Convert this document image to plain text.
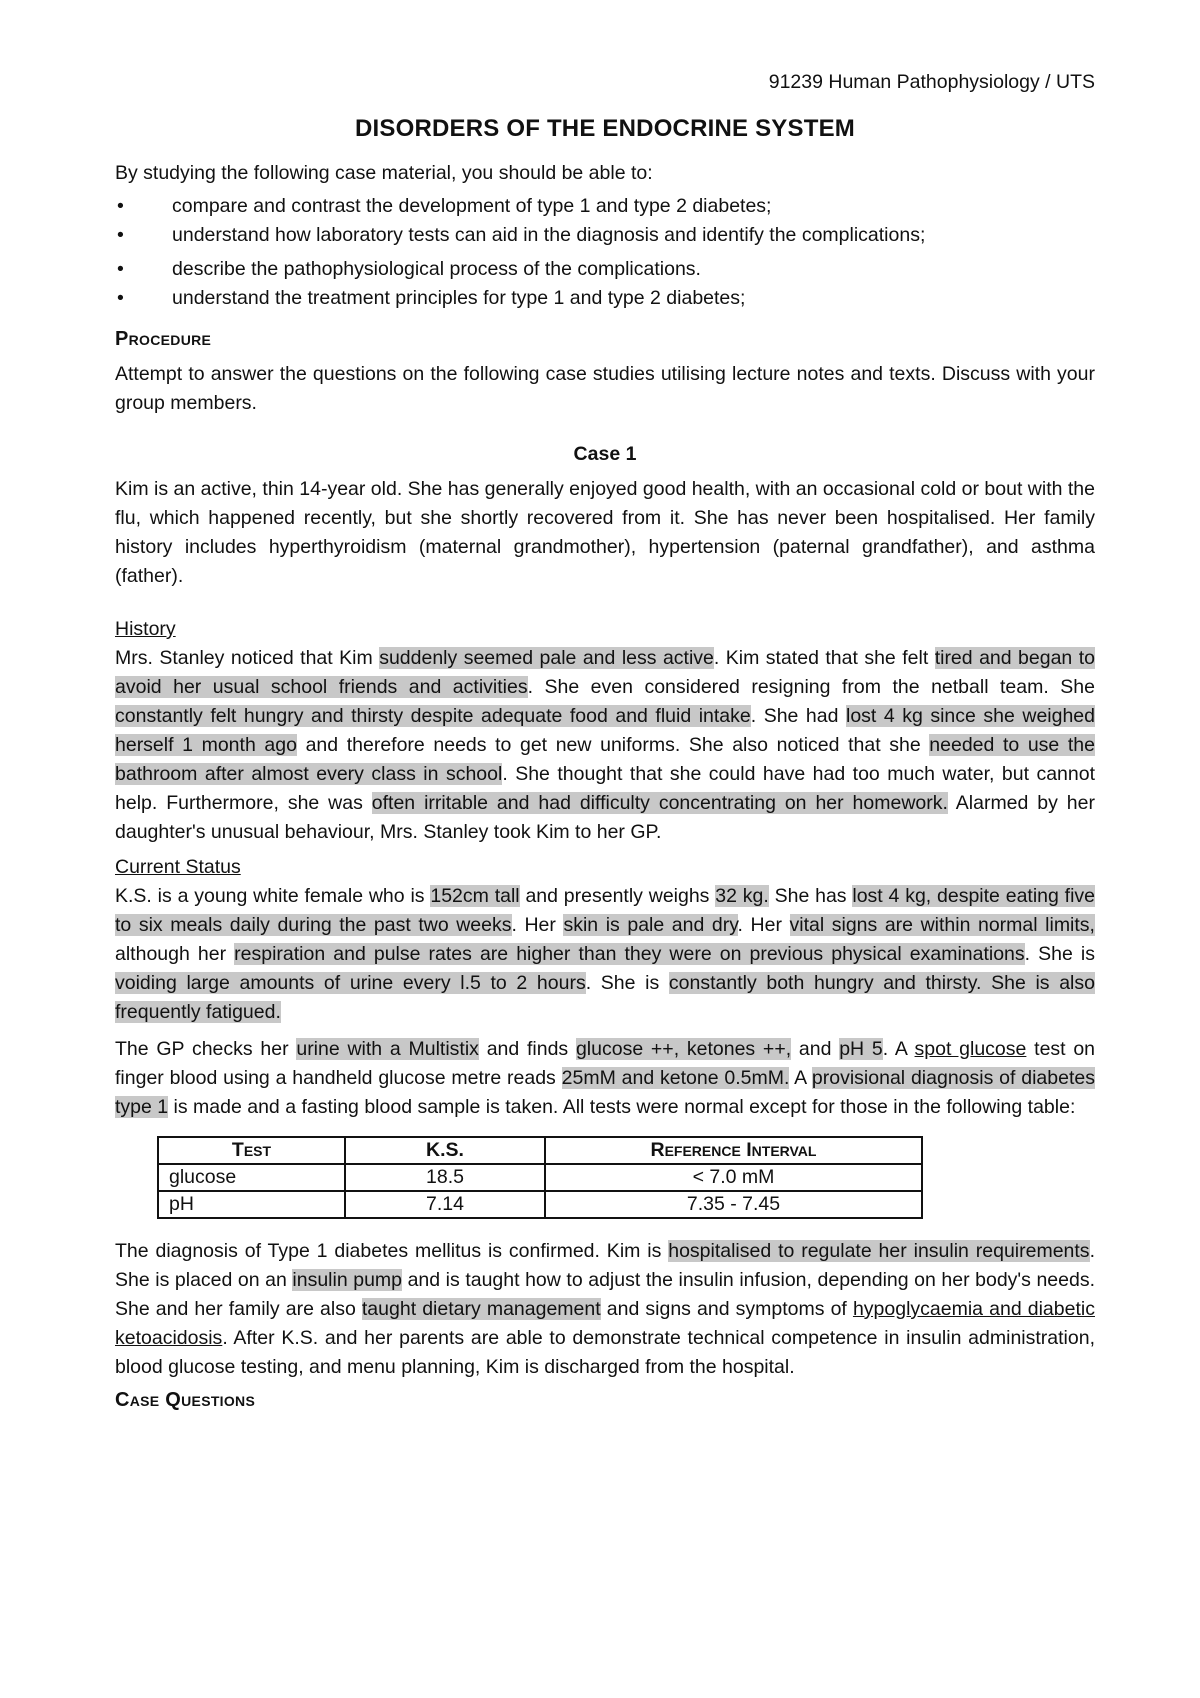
91239 Human Pathophysiology / UTS
DISORDERS OF THE ENDOCRINE SYSTEM

By studying the following case material, you should be able to:

• compare and contrast the development of type 1 and type 2 diabetes;
• understand how laboratory tests can aid in the diagnosis and identify the complications;
• describe the pathophysiological process of the complications.
• understand the treatment principles for type 1 and type 2 diabetes;
Procedure

Attempt to answer the questions on the following case studies utilising lecture notes and texts. Discuss with your group members.

Case 1

Kim is an active, thin 14-year old. She has generally enjoyed good health, with an occasional cold or bout with the flu, which happened recently, but she shortly recovered from it. She has never been hospitalised. Her family history includes hyperthyroidism (maternal grandmother), hypertension (paternal grandfather), and asthma (father).

History

Mrs. Stanley noticed that Kim suddenly seemed pale and less active. Kim stated that she felt tired and began to avoid her usual school friends and activities. She even considered resigning from the netball team. She constantly felt hungry and thirsty despite adequate food and fluid intake. She had lost 4 kg since she weighed herself 1 month ago and therefore needs to get new uniforms. She also noticed that she needed to use the bathroom after almost every class in school. She thought that she could have had too much water, but cannot help. Furthermore, she was often irritable and had difficulty concentrating on her homework. Alarmed by her daughter's unusual behaviour, Mrs. Stanley took Kim to her GP.

Current Status

K.S. is a young white female who is 152cm tall and presently weighs 32 kg. She has lost 4 kg, despite eating five to six meals daily during the past two weeks. Her skin is pale and dry. Her vital signs are within normal limits, although her respiration and pulse rates are higher than they were on previous physical examinations. She is voiding large amounts of urine every l.5 to 2 hours. She is constantly both hungry and thirsty. She is also frequently fatigued.

The GP checks her urine with a Multistix and finds glucose ++, ketones ++, and pH 5. A spot glucose test on finger blood using a handheld glucose metre reads 25mM and ketone 0.5mM. A provisional diagnosis of diabetes type 1 is made and a fasting blood sample is taken. All tests were normal except for those in the following table:

Test	K.S.	Reference Interval
glucose	18.5	< 7.0 mM
pH	7.14	7.35 - 7.45

The diagnosis of Type 1 diabetes mellitus is confirmed. Kim is hospitalised to regulate her insulin requirements. She is placed on an insulin pump and is taught how to adjust the insulin infusion, depending on her body's needs. She and her family are also taught dietary management and signs and symptoms of hypoglycaemia and diabetic ketoacidosis. After K.S. and her parents are able to demonstrate technical competence in insulin administration, blood glucose testing, and menu planning, Kim is discharged from the hospital.

Case Questions
